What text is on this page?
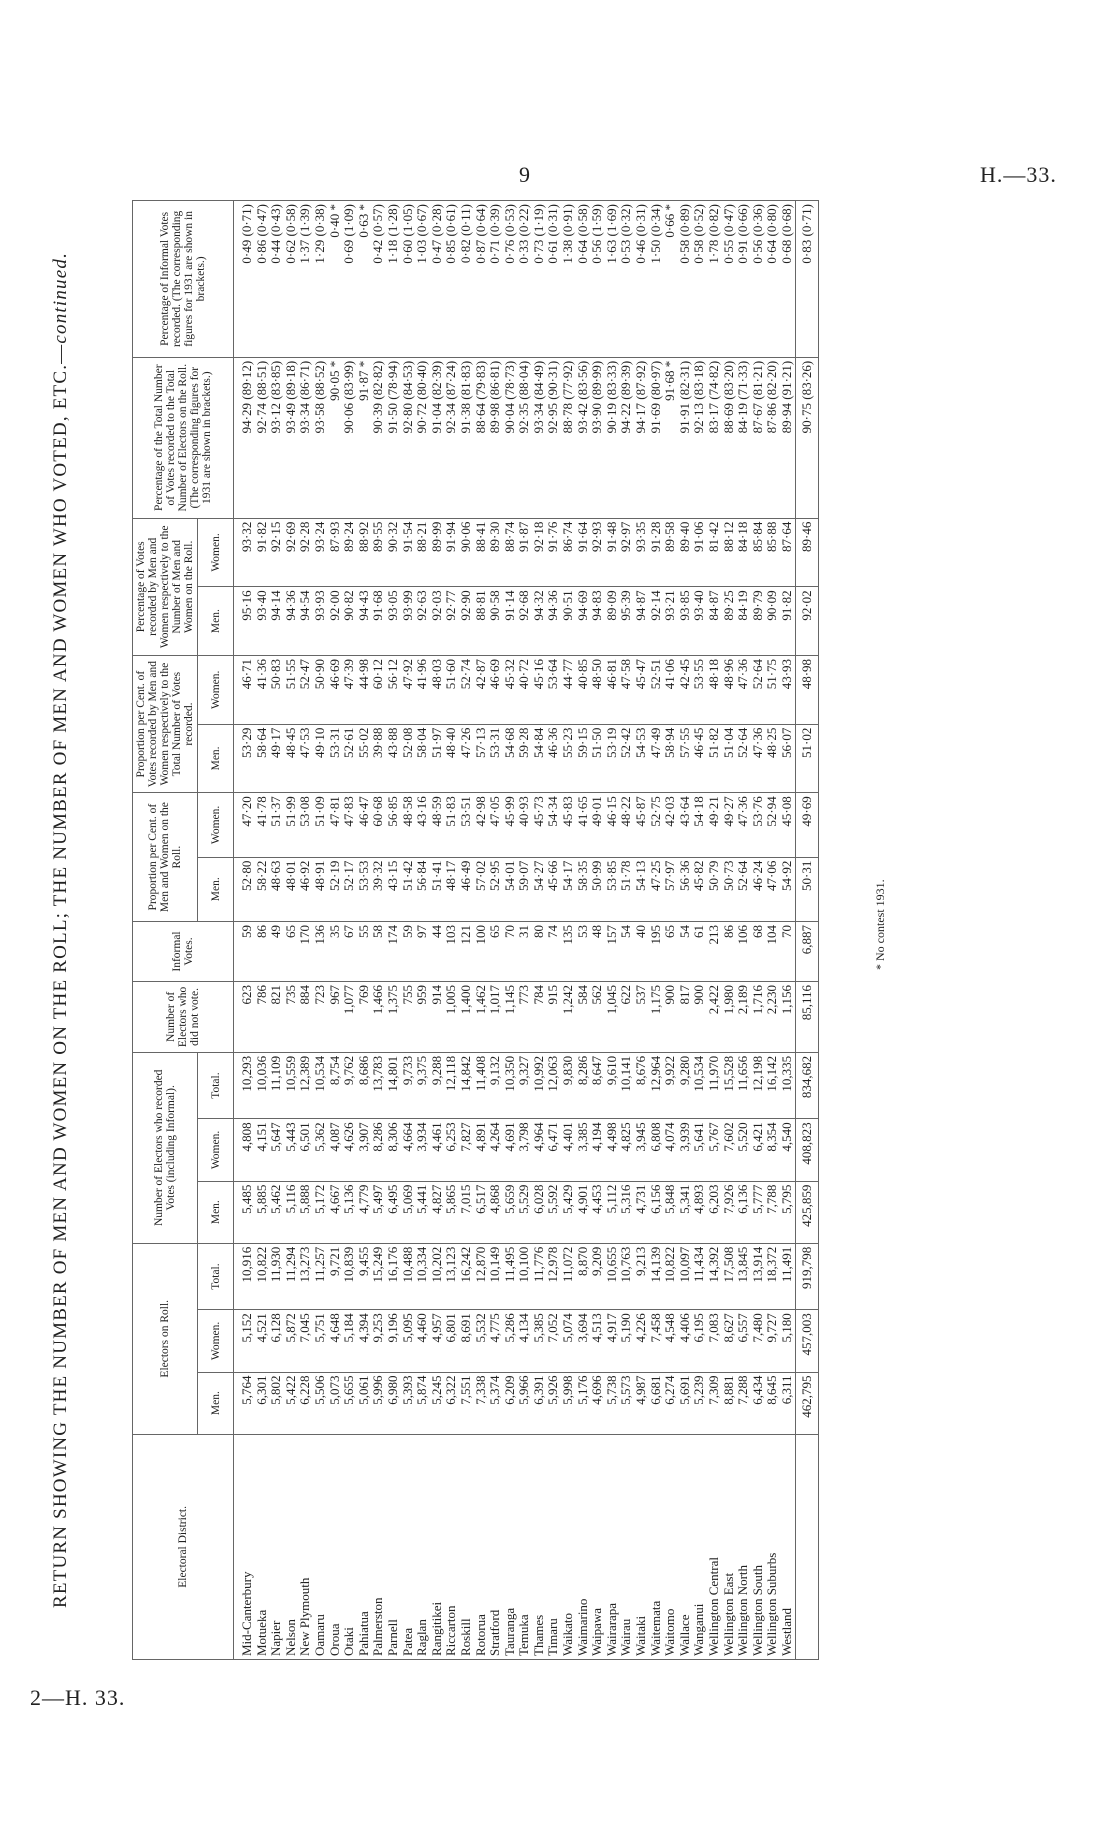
9	H.—33.
RETURN SHOWING THE NUMBER OF MEN AND WOMEN ON THE ROLL; THE NUMBER OF MEN AND WOMEN WHO VOTED, ETC.—continued.
Electoral District.	Electors on Roll.			Number of Electors who recorded Votes (including Informal).			Number of Electors who did not vote.	Informal Votes.	Proportion per Cent. of Men and Women on the Roll.		Proportion per Cent. of Votes recorded by Men and Women respectively to the Total Number of Votes recorded.		Percentage of Votes recorded by Men and Women respectively to the Number of Men and Women on the Roll.		Percentage of the Total Number of Votes recorded to the Total Number of Electors on the Roll. (The corresponding figures for 1931 are shown in brackets.)	Percentage of Informal Votes recorded. (The corresponding figures for 1931 are shown in brackets.)
	Men.	Women.	Total.	Men.	Women.	Total.			Men.	Women.	Men.	Women.	Men.	Women.		
Mid-Canterbury	5,764	5,152	10,916	5,485	4,808	10,293	623	59	52·80	47·20	53·29	46·71	95·16	93·32	94·29 (89·12)	0·49 (0·71)
Motueka	6,301	4,521	10,822	5,885	4,151	10,036	786	86	58·22	41·78	58·64	41·36	93·40	91·82	92·74 (88·51)	0·86 (0·47)
Napier	5,802	6,128	11,930	5,462	5,647	11,109	821	49	48·63	51·37	49·17	50·83	94·14	92·15	93·12 (83·85)	0·44 (0·43)
Nelson	5,422	5,872	11,294	5,116	5,443	10,559	735	65	48·01	51·99	48·45	51·55	94·36	92·69	93·49 (89·18)	0·62 (0·58)
New Plymouth	6,228	7,045	13,273	5,888	6,501	12,389	884	170	46·92	53·08	47·53	52·47	94·54	92·28	93·34 (86·71)	1·37 (1·39)
Oamaru	5,506	5,751	11,257	5,172	5,362	10,534	723	136	48·91	51·09	49·10	50·90	93·93	93·24	93·58 (88·52)	1·29 (0·38)
Oroua	5,073	4,648	9,721	4,667	4,087	8,754	967	35	52·19	47·81	53·31	46·69	92·00	87·93	90·05 *	0·40 *
Otaki	5,655	5,184	10,839	5,136	4,626	9,762	1,077	67	52·17	47·83	52·61	47·39	90·82	89·24	90·06 (83·99)	0·69 (1·09)
Pahiatua	5,061	4,394	9,455	4,779	3,907	8,686	769	55	53·53	46·47	55·02	44·98	94·43	88·92	91·87 *	0·63 *
Palmerston	5,996	9,253	15,249	5,497	8,286	13,783	1,466	58	39·32	60·68	39·88	60·12	91·68	89·55	90·39 (82·82)	0·42 (0·57)
Parnell	6,980	9,196	16,176	6,495	8,306	14,801	1,375	174	43·15	56·85	43·88	56·12	93·05	90·32	91·50 (78·94)	1·18 (1·28)
Patea	5,393	5,095	10,488	5,069	4,664	9,733	755	59	51·42	48·58	52·08	47·92	93·99	91·54	92·80 (84·53)	0·60 (1·05)
Raglan	5,874	4,460	10,334	5,441	3,934	9,375	959	97	56·84	43·16	58·04	41·96	92·63	88·21	90·72 (80·40)	1·03 (0·67)
Rangitikei	5,245	4,957	10,202	4,827	4,461	9,288	914	44	51·41	48·59	51·97	48·03	92·03	89·99	91·04 (82·39)	0·47 (0·28)
Riccarton	6,322	6,801	13,123	5,865	6,253	12,118	1,005	103	48·17	51·83	48·40	51·60	92·77	91·94	92·34 (87·24)	0·85 (0·61)
Roskill	7,551	8,691	16,242	7,015	7,827	14,842	1,400	121	46·49	53·51	47·26	52·74	92·90	90·06	91·38 (81·83)	0·82 (0·11)
Rotorua	7,338	5,532	12,870	6,517	4,891	11,408	1,462	100	57·02	42·98	57·13	42·87	88·81	88·41	88·64 (79·83)	0·87 (0·64)
Stratford	5,374	4,775	10,149	4,868	4,264	9,132	1,017	65	52·95	47·05	53·31	46·69	90·58	89·30	89·98 (86·81)	0·71 (0·39)
Tauranga	6,209	5,286	11,495	5,659	4,691	10,350	1,145	70	54·01	45·99	54·68	45·32	91·14	88·74	90·04 (78·73)	0·76 (0·53)
Temuka	5,966	4,134	10,100	5,529	3,798	9,327	773	31	59·07	40·93	59·28	40·72	92·68	91·87	92·35 (88·04)	0·33 (0·22)
Thames	6,391	5,385	11,776	6,028	4,964	10,992	784	80	54·27	45·73	54·84	45·16	94·32	92·18	93·34 (84·49)	0·73 (1·19)
Timaru	5,926	7,052	12,978	5,592	6,471	12,063	915	74	45·66	54·34	46·36	53·64	94·36	91·76	92·95 (90·31)	0·61 (0·31)
Waikato	5,998	5,074	11,072	5,429	4,401	9,830	1,242	135	54·17	45·83	55·23	44·77	90·51	86·74	88·78 (77·92)	1·38 (0·91)
Waimarino	5,176	3,694	8,870	4,901	3,385	8,286	584	53	58·35	41·65	59·15	40·85	94·69	91·64	93·42 (83·56)	0·64 (0·58)
Waipawa	4,696	4,513	9,209	4,453	4,194	8,647	562	48	50·99	49·01	51·50	48·50	94·83	92·93	93·90 (89·99)	0·56 (1·59)
Wairarapa	5,738	4,917	10,655	5,112	4,498	9,610	1,045	157	53·85	46·15	53·19	46·81	89·09	91·48	90·19 (83·33)	1·63 (1·69)
Wairau	5,573	5,190	10,763	5,316	4,825	10,141	622	54	51·78	48·22	52·42	47·58	95·39	92·97	94·22 (89·39)	0·53 (0·32)
Waitaki	4,987	4,226	9,213	4,731	3,945	8,676	537	40	54·13	45·87	54·53	45·47	94·87	93·35	94·17 (87·92)	0·46 (0·31)
Waitemata	6,681	7,458	14,139	6,156	6,808	12,964	1,175	195	47·25	52·75	47·49	52·51	92·14	91·28	91·69 (80·97)	1·50 (0·34)
Waitomo	6,274	4,548	10,822	5,848	4,074	9,922	900	65	57·97	42·03	58·94	41·06	93·21	89·58	91·68 *	0·66 *
Wallace	5,691	4,406	10,097	5,341	3,939	9,280	817	54	56·36	43·64	57·55	42·45	93·85	89·40	91·91 (82·31)	0·58 (0·89)
Wanganui	5,239	6,195	11,434	4,893	5,641	10,534	900	61	45·82	54·18	46·45	53·55	93·40	91·06	92·13 (83·18)	0·58 (0·52)
Wellington Central	7,309	7,083	14,392	6,203	5,767	11,970	2,422	213	50·79	49·21	51·82	48·18	84·87	81·42	83·17 (74·82)	1·78 (0·82)
Wellington East	8,881	8,627	17,508	7,926	7,602	15,528	1,980	86	50·73	49·27	51·04	48·96	89·25	88·12	88·69 (83·20)	0·55 (0·47)
Wellington North	7,288	6,557	13,845	6,136	5,520	11,656	2,189	106	52·64	47·36	52·64	47·36	84·19	84·18	84·19 (71·33)	0·91 (0·66)
Wellington South	6,434	7,480	13,914	5,777	6,421	12,198	1,716	68	46·24	53·76	47·36	52·64	89·79	85·84	87·67 (81·21)	0·56 (0·36)
Wellington Suburbs	8,645	9,727	18,372	7,788	8,354	16,142	2,230	104	47·06	52·94	48·25	51·75	90·09	85·88	87·86 (82·20)	0·64 (0·80)
Westland	6,311	5,180	11,491	5,795	4,540	10,335	1,156	70	54·92	45·08	56·07	43·93	91·82	87·64	89·94 (91·21)	0·68 (0·68)
	462,795	457,003	919,798	425,859	408,823	834,682	85,116	6,887	50·31	49·69	51·02	48·98	92·02	89·46	90·75 (83·26)	0·83 (0·71)
* No contest 1931.
2—H. 33.
